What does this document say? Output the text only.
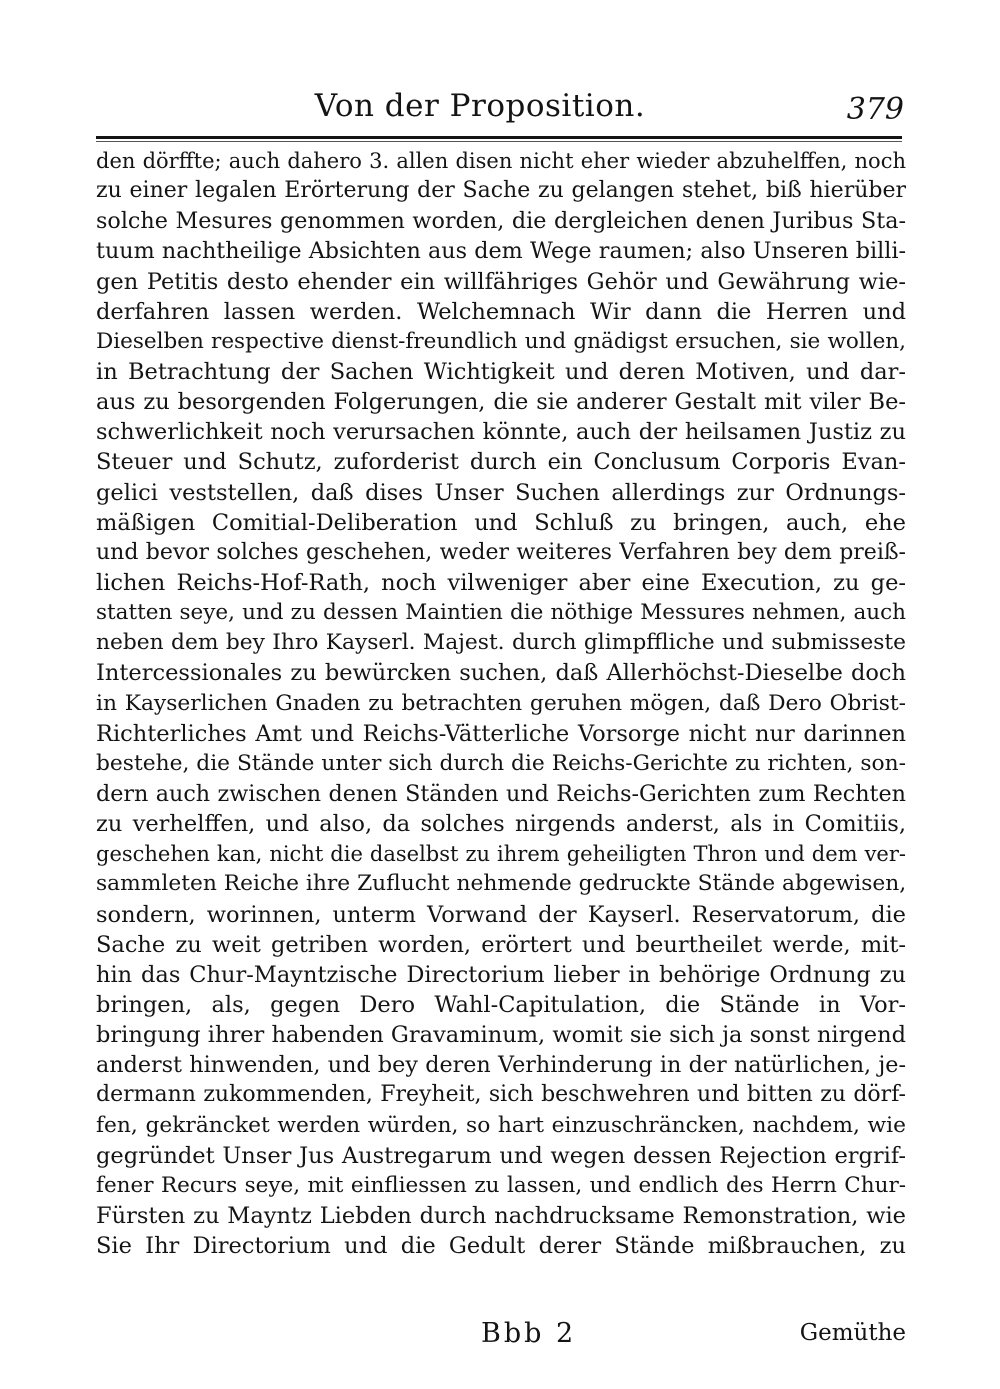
Von der Proposition.	379
den dörffte; auch dahero 3. allen disen nicht eher wieder abzuhelffen, noch
zu einer legalen Erörterung der Sache zu gelangen stehet, biß hierüber
solche Mesures genommen worden, die dergleichen denen Juribus Sta-
tuum nachtheilige Absichten aus dem Wege raumen; also Unseren billi-
gen Petitis desto ehender ein willfähriges Gehör und Gewährung wie-
derfahren lassen werden. Welchemnach Wir dann die Herren und
Dieselben respective dienst-freundlich und gnädigst ersuchen, sie wollen,
in Betrachtung der Sachen Wichtigkeit und deren Motiven, und dar-
aus zu besorgenden Folgerungen, die sie anderer Gestalt mit viler Be-
schwerlichkeit noch verursachen könnte, auch der heilsamen Justiz zu
Steuer und Schutz, zuforderist durch ein Conclusum Corporis Evan-
gelici veststellen, daß dises Unser Suchen allerdings zur Ordnungs-
mäßigen Comitial-Deliberation und Schluß zu bringen, auch, ehe
und bevor solches geschehen, weder weiteres Verfahren bey dem preiß-
lichen Reichs-Hof-Rath, noch vilweniger aber eine Execution, zu ge-
statten seye, und zu dessen Maintien die nöthige Messures nehmen, auch
neben dem bey Ihro Kayserl. Majest. durch glimpffliche und submisseste
Intercessionales zu bewürcken suchen, daß Allerhöchst-Dieselbe doch
in Kayserlichen Gnaden zu betrachten geruhen mögen, daß Dero Obrist-
Richterliches Amt und Reichs-Vätterliche Vorsorge nicht nur darinnen
bestehe, die Stände unter sich durch die Reichs-Gerichte zu richten, son-
dern auch zwischen denen Ständen und Reichs-Gerichten zum Rechten
zu verhelffen, und also, da solches nirgends anderst, als in Comitiis,
geschehen kan, nicht die daselbst zu ihrem geheiligten Thron und dem ver-
sammleten Reiche ihre Zuflucht nehmende gedruckte Stände abgewisen,
sondern, worinnen, unterm Vorwand der Kayserl. Reservatorum, die
Sache zu weit getriben worden, erörtert und beurtheilet werde, mit-
hin das Chur-Mayntzische Directorium lieber in behörige Ordnung zu
bringen, als, gegen Dero Wahl-Capitulation, die Stände in Vor-
bringung ihrer habenden Gravaminum, womit sie sich ja sonst nirgend
anderst hinwenden, und bey deren Verhinderung in der natürlichen, je-
dermann zukommenden, Freyheit, sich beschwehren und bitten zu dörf-
fen, gekräncket werden würden, so hart einzuschräncken, nachdem, wie
gegründet Unser Jus Austregarum und wegen dessen Rejection ergrif-
fener Recurs seye, mit einfliessen zu lassen, und endlich des Herrn Chur-
Fürsten zu Mayntz Liebden durch nachdrucksame Remonstration, wie
Sie Ihr Directorium und die Gedult derer Stände mißbrauchen, zu
Bbb 2	Gemüthe
